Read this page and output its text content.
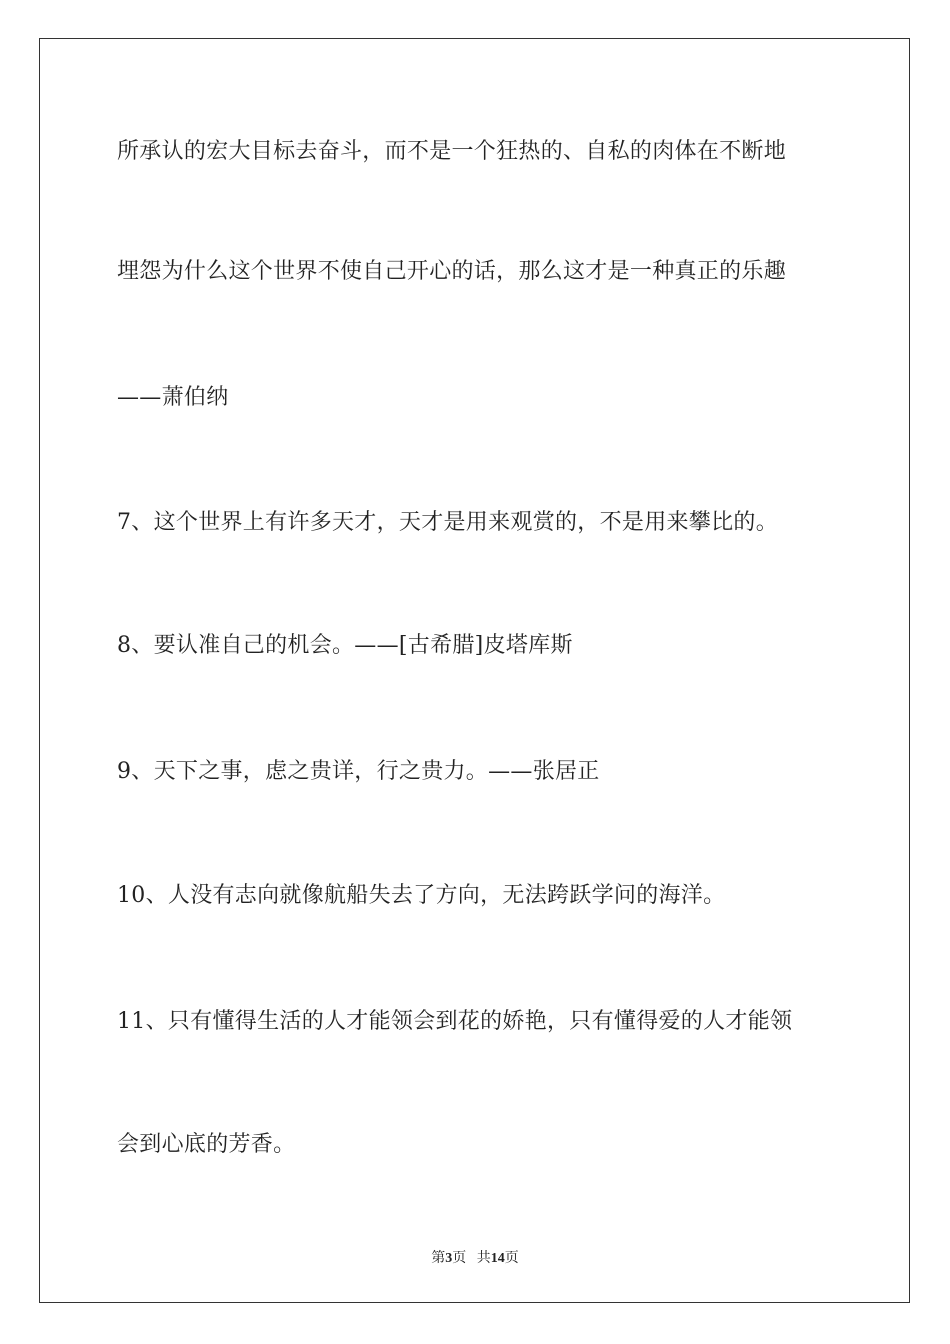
所承认的宏大目标去奋斗，而不是一个狂热的、自私的肉体在不断地
埋怨为什么这个世界不使自己开心的话，那么这才是一种真正的乐趣
——萧伯纳
7、这个世界上有许多天才，天才是用来观赏的，不是用来攀比的。
8、要认准自己的机会。——[古希腊]皮塔库斯
9、天下之事，虑之贵详，行之贵力。——张居正
10、人没有志向就像航船失去了方向，无法跨跃学问的海洋。
11、只有懂得生活的人才能领会到花的娇艳，只有懂得爱的人才能领
会到心底的芳香。
第3页 共14页
